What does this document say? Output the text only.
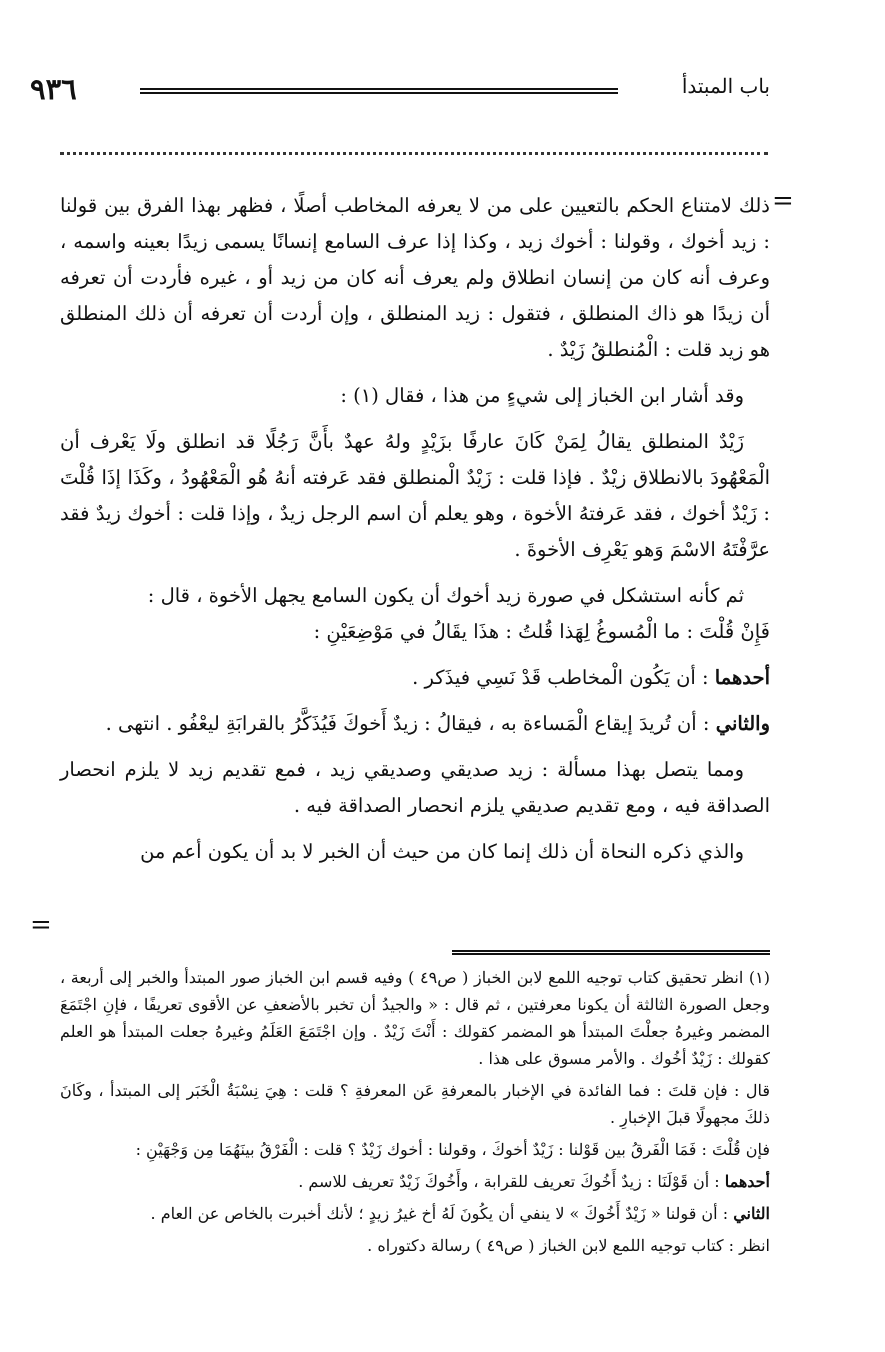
٩٣٦	باب المبتدأ
=

ذلك لامتناع الحكم بالتعيين على من لا يعرفه المخاطب أصلًا ، فظهر بهذا الفرق بين قولنا : زيد أخوك ، وقولنا : أخوك زيد ، وكذا إذا عرف السامع إنسانًا يسمى زيدًا بعينه واسمه ، وعرف أنه كان من إنسان انطلاق ولم يعرف أنه كان من زيد أو ، غيره فأردت أن تعرفه أن زيدًا هو ذاك المنطلق ، فتقول : زيد المنطلق ، وإن أردت أن تعرفه أن ذلك المنطلق هو زيد قلت : الْمُنطلقُ زَيْدٌ .

وقد أشار ابن الخباز إلى شيءٍ من هذا ، فقال (١) :

زَيْدٌ المنطلق يقالُ لِمَنْ كَانَ عارفًا بزَيْدٍ ولهُ عهدٌ بأَنَّ رَجُلًا قد انطلق ولَا يَعْرف أن الْمَعْهُودَ بالانطلاق زيْدٌ . فإذا قلت : زَيْدٌ الْمنطلق فقد عَرفته أنهُ هُو الْمَعْهُودُ ، وكَذَا إذَا قُلْتَ : زَيْدٌ أخوك ، فقد عَرفتهُ الأخوة ، وهو يعلم أن اسم الرجل زيدٌ ، وإذا قلت : أخوك زيدٌ فقد عرَّفْتَهُ الاسْمَ وَهو يَعْرِف الأخوةَ .

ثم كأنه استشكل في صورة زيد أخوك أن يكون السامع يجهل الأخوة ، قال :

فَإِنْ قُلْتَ : ما الْمُسوغُ لِهَذا قُلتُ : هذَا يقَالُ في مَوْضِعَيْنِ :

أحدهما : أن يَكُون الْمخاطب قَدْ نَسِي فيذَكر .

والثاني : أن تُريدَ إيقاع الْمَساءة به ، فيقالُ : زيدٌ أَخوكَ فَيُذَكَّرُ بالقرابَةِ ليعْفُو . انتهى .

ومما يتصل بهذا مسألة : زيد صديقي وصديقي زيد ، فمع تقديم زيد لا يلزم انحصار الصداقة فيه ، ومع تقديم صديقي يلزم انحصار الصداقة فيه .

والذي ذكره النحاة أن ذلك إنما كان من حيث أن الخبر لا بد أن يكون أعم من

=

(١) انظر تحقيق كتاب توجيه اللمع لابن الخباز ( ص٤٩ ) وفيه قسم ابن الخباز صور المبتدأ والخبر إلى أربعة ، وجعل الصورة الثالثة أن يكونا معرفتين ، ثم قال : « والجيدُ أن تخبر بالأضعفِ عن الأقوى تعريفًا ، فإنِ اجْتَمَعَ المضمر وغيرهُ جعلْتَ المبتدأ هو المضمر كقولك : أَنْتَ زَيْدٌ . وإن اجْتَمَعَ العَلَمُ وغيرهُ جعلت المبتدأ هو العلم كقولك : زَيْدٌ أخُوك . والأمر مسوق على هذا .

قال : فإن قلتَ : فما الفائدة في الإخبار بالمعرفةِ عَن المعرفةِ ؟ قلت : هِيَ نِسْبَةُ الْخَبَر إلى المبتدأ ، وكَانَ ذلكَ مجهولًا قبلَ الإخبارِ .

فإن قُلْتَ : فَمَا الْفَرقُ بين قَوْلنا : زَيْدٌ أخوكَ ، وقولنا : أخوك زَيْدٌ ؟ قلت : الْفَرْقُ بينَهُمَا مِن وَجْهَيْنِ :

أحدهما : أن قَوْلَنَا : زيدٌ أَخُوكَ تعريف للقرابة ، وأَخُوكَ زَيْدٌ تعريف للاسم .

الثاني : أن قولنا « زَيْدٌ أَخُوكَ » لا ينفي أن يكُونَ لَهُ أخ غيرُ زيدٍ ؛ لأنك أخبرت بالخاص عن العام .

انظر : كتاب توجيه اللمع لابن الخباز ( ص٤٩ ) رسالة دكتوراه .
